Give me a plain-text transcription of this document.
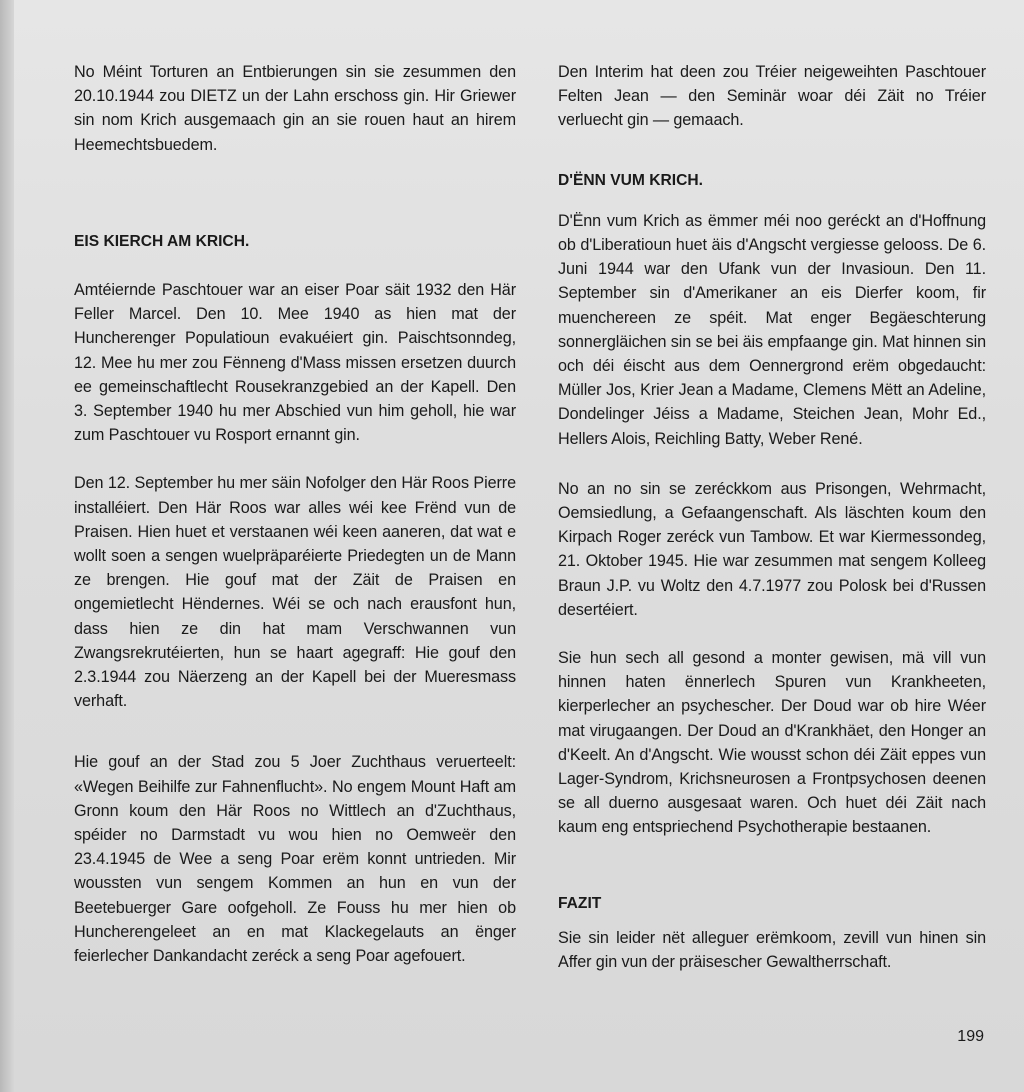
No Méint Torturen an Entbierungen sin sie zesummen den 20.10.1944 zou DIETZ un der Lahn erschoss gin. Hir Griewer sin nom Krich ausgemaach gin an sie rouen haut an hirem Heemechtsbuedem.

EIS KIERCH AM KRICH.

Amtéiernde Paschtouer war an eiser Poar säit 1932 den Här Feller Marcel. Den 10. Mee 1940 as hien mat der Huncherenger Populatioun evakuéiert gin. Paischtsonndeg, 12. Mee hu mer zou Fënneng d'Mass missen ersetzen duurch ee gemeinschaftlecht Rousekranzgebied an der Kapell. Den 3. September 1940 hu mer Abschied vun him geholl, hie war zum Paschtouer vu Rosport ernannt gin.

Den 12. September hu mer säin Nofolger den Här Roos Pierre installéiert. Den Här Roos war alles wéi kee Frënd vun de Praisen. Hien huet et verstaanen wéi keen aaneren, dat wat e wollt soen a sengen wuelpräparéierte Priedegten un de Mann ze brengen. Hie gouf mat der Zäit de Praisen en ongemietlecht Hëndernes. Wéi se och nach erausfont hun, dass hien ze din hat mam Verschwannen vun Zwangsrekrutéierten, hun se haart agegraff: Hie gouf den 2.3.1944 zou Näerzeng an der Kapell bei der Mueresmass verhaft.

Hie gouf an der Stad zou 5 Joer Zuchthaus veruerteelt: «Wegen Beihilfe zur Fahnenflucht». No engem Mount Haft am Gronn koum den Här Roos no Wittlech an d'Zuchthaus, spéider no Darmstadt vu wou hien no Oemweër den 23.4.1945 de Wee a seng Poar erëm konnt untrieden. Mir woussten vun sengem Kommen an hun en vun der Beetebuerger Gare oofgeholl. Ze Fouss hu mer hien ob Huncherengeleet an en mat Klackegelauts an ënger feierlecher Dankandacht zeréck a seng Poar agefouert.

Den Interim hat deen zou Tréier neigeweihten Paschtouer Felten Jean — den Seminär woar déi Zäit no Tréier verluecht gin — gemaach.

D'ËNN VUM KRICH.

D'Ënn vum Krich as ëmmer méi noo geréckt an d'Hoffnung ob d'Liberatioun huet äis d'Angscht vergiesse gelooss. De 6. Juni 1944 war den Ufank vun der Invasioun. Den 11. September sin d'Amerikaner an eis Dierfer koom, fir muenchereen ze spéit. Mat enger Begäeschterung sonnergläichen sin se bei äis empfaange gin. Mat hinnen sin och déi éischt aus dem Oennergrond erëm obgedaucht: Müller Jos, Krier Jean a Madame, Clemens Mëtt an Adeline, Dondelinger Jéiss a Madame, Steichen Jean, Mohr Ed., Hellers Alois, Reichling Batty, Weber René.

No an no sin se zeréckkom aus Prisongen, Wehrmacht, Oemsiedlung, a Gefaangenschaft. Als läschten koum den Kirpach Roger zeréck vun Tambow. Et war Kiermessondeg, 21. Oktober 1945. Hie war zesummen mat sengem Kolleeg Braun J.P. vu Woltz den 4.7.1977 zou Polosk bei d'Russen desertéiert.

Sie hun sech all gesond a monter gewisen, mä vill vun hinnen haten ënnerlech Spuren vun Krankheeten, kierperlecher an psychescher. Der Doud war ob hire Wéer mat virugaangen. Der Doud an d'Krankhäet, den Honger an d'Keelt. An d'Angscht. Wie wousst schon déi Zäit eppes vun Lager-Syndrom, Krichsneurosen a Frontpsychosen deenen se all duerno ausgesaat waren. Och huet déi Zäit nach kaum eng entspriechend Psychotherapie bestaanen.

FAZIT

Sie sin leider nët alleguer erëmkoom, zevill vun hinen sin Affer gin vun der präisescher Gewaltherrschaft.

199
